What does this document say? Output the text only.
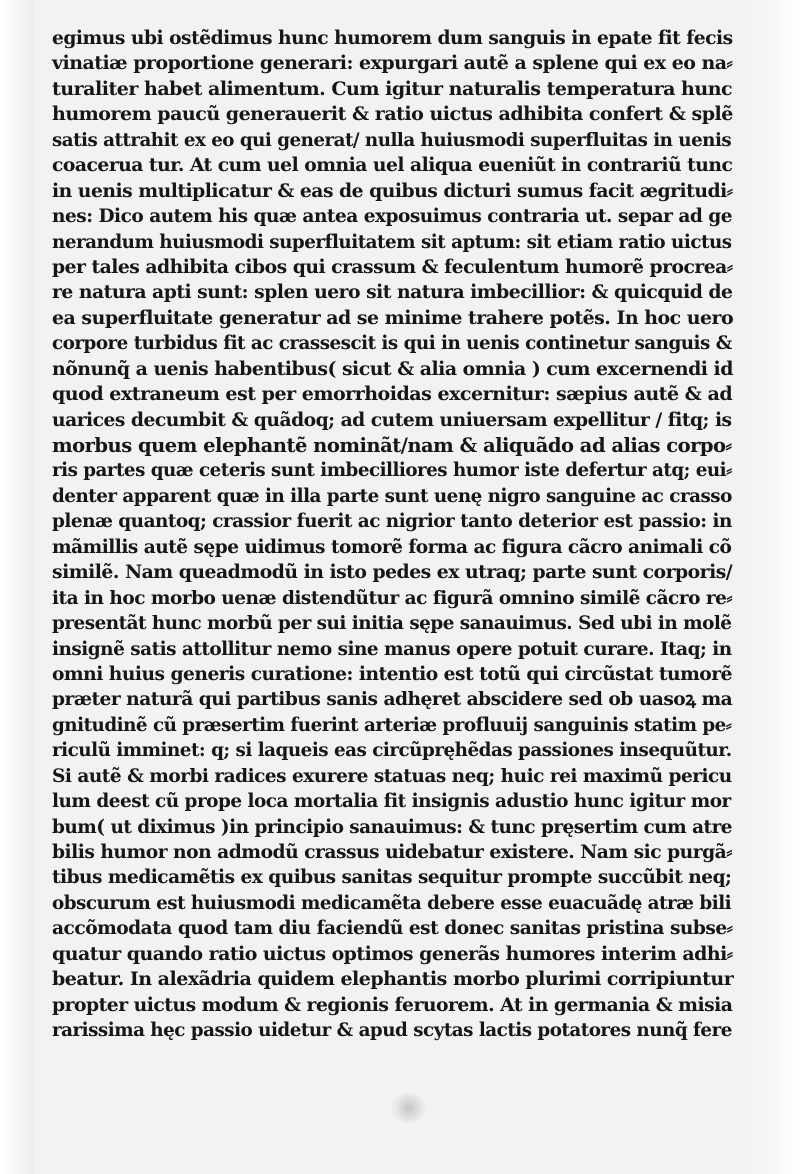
egimus ubi ostẽdimus hunc humorem dum sanguis in epate fit fecis
vinatiæ proportione generari: expurgari autẽ a splene qui ex eo na⸗
turaliter habet alimentum. Cum igitur naturalis temperatura hunc
humorem paucũ generauerit & ratio uictus adhibita confert & splẽ
satis attrahit ex eo qui generat/ nulla huiusmodi superfluitas in uenis
coacerua tur. At cum uel omnia uel aliqua eueniũt in contrariũ tunc
in uenis multiplicatur & eas de quibus dicturi sumus facit ægritudi⸗
nes: Dico autem his quæ antea exposuimus contraria ut. separ ad ge
nerandum huiusmodi superfluitatem sit aptum: sit etiam ratio uictus
per tales adhibita cibos qui crassum & feculentum humorẽ procrea⸗
re natura apti sunt: splen uero sit natura imbecillior: & quicquid de
ea superfluitate generatur ad se minime trahere potẽs. In hoc uero
corpore turbidus fit ac crassescit is qui in uenis continetur sanguis &
nõnunq̃ a uenis habentibus( sicut & alia omnia ) cum excernendi id
quod extraneum est per emorrhoidas excernitur: sæpius autẽ & ad
uarices decumbit & quãdoq; ad cutem uniuersam expellitur / fitq; is
morbus quem elephantẽ nominãt/nam & aliquãdo ad alias corpo⸗
ris partes quæ ceteris sunt imbecilliores humor iste defertur atq; eui⸗
denter apparent quæ in illa parte sunt uenę nigro sanguine ac crasso
plenæ quantoq; crassior fuerit ac nigrior tanto deterior est passio: in
mãmillis autẽ sępe uidimus tomorẽ forma ac figura cãcro animali cõ
similẽ. Nam queadmodũ in isto pedes ex utraq; parte sunt corporis/
ita in hoc morbo uenæ distendũtur ac figurã omnino similẽ cãcro re⸗
presentãt hunc morbũ per sui initia sępe sanauimus. Sed ubi in molẽ
insignẽ satis attollitur nemo sine manus opere potuit curare. Itaq; in
omni huius generis curatione: intentio est totũ qui circũstat tumorẽ
præter naturã qui partibus sanis adhęret abscidere sed ob uasoꝝ ma
gnitudinẽ cũ præsertim fuerint arteriæ profluuij sanguinis statim pe⸗
riculũ imminet: q; si laqueis eas circũpręhẽdas passiones insequũtur.
Si autẽ & morbi radices exurere statuas neq; huic rei maximũ pericu
lum deest cũ prope loca mortalia fit insignis adustio hunc igitur mor
bum( ut diximus )in principio sanauimus: & tunc pręsertim cum atre
bilis humor non admodũ crassus uidebatur existere. Nam sic purgã⸗
tibus medicamẽtis ex quibus sanitas sequitur prompte succũbit neq;
obscurum est huiusmodi medicamẽta debere esse euacuãdę atræ bili
accõmodata quod tam diu faciendũ est donec sanitas pristina subse⸗
quatur quando ratio uictus optimos generãs humores interim adhi⸗
beatur. In alexãdria quidem elephantis morbo plurimi corripiuntur
propter uictus modum & regionis feruorem. At in germania & misia
rarissima hęc passio uidetur & apud scytas lactis potatores nunq̃ fere
